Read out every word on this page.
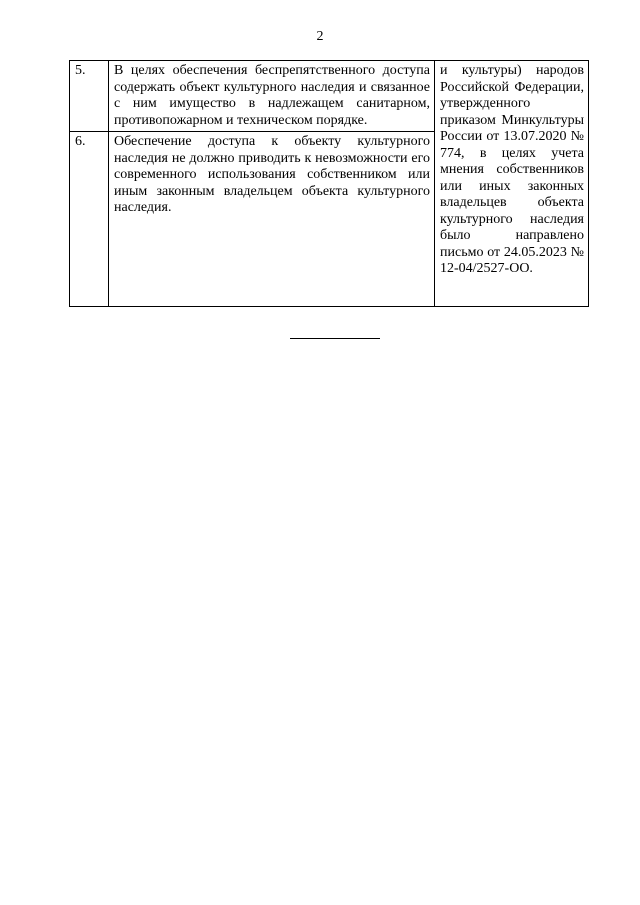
2
5.	В целях обеспечения беспрепятственного доступа содержать объект культурного наследия и связанное с ним имущество в надлежащем санитарном, противопожарном и техническом порядке.	и культуры) народов Российской Федерации, утвержденного приказом Минкультуры России от 13.07.2020 № 774, в целях учета мнения собственников или иных законных владельцев объекта культурного наследия было направлено письмо от 24.05.2023 № 12-04/2527-ОО.

6.	Обеспечение доступа к объекту культурного наследия не должно приводить к невозможности его современного использования собственником или иным законным владельцем объекта культурного наследия.	
